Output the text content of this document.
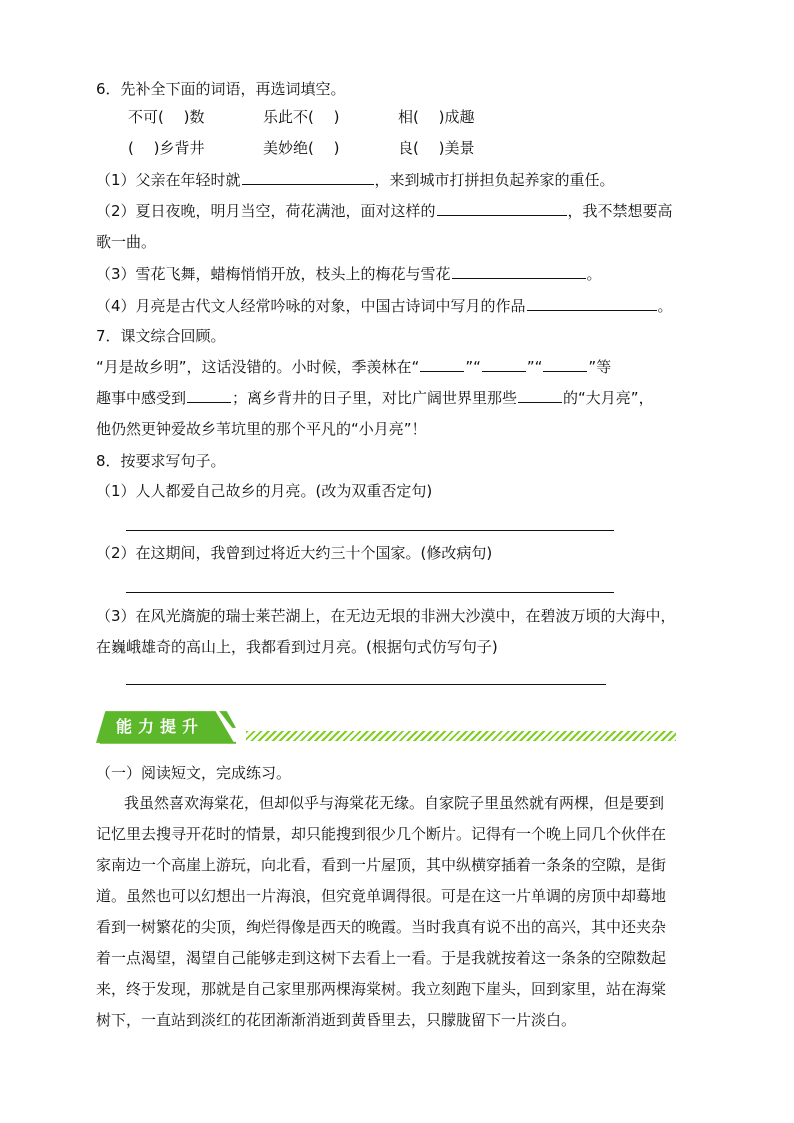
6．先补全下面的词语，再选词填空。
不可(　 )数	乐此不(　 )	相(　 )成趣
(　 )乡背井	美妙绝(　 )	良(　 )美景
（1）父亲在年轻时就	，来到城市打拼担负起养家的重任。
（2）夏日夜晚，明月当空，荷花满池，面对这样的	，我不禁想要高
歌一曲。
（3）雪花飞舞，蜡梅悄悄开放，枝头上的梅花与雪花	。
（4）月亮是古代文人经常吟咏的对象，中国古诗词中写月的作品	。
7．课文综合回顾。
“月是故乡明”，这话没错的。小时候，季羡林在“	”“	”“	”等
趣事中感受到	；离乡背井的日子里，对比广阔世界里那些	的“大月亮”，
他仍然更钟爱故乡苇坑里的那个平凡的“小月亮”！
8．按要求写句子。
（1）人人都爱自己故乡的月亮。(改为双重否定句)
（2）在这期间，我曾到过将近大约三十个国家。(修改病句)
（3）在风光旖旎的瑞士莱芒湖上，在无边无垠的非洲大沙漠中，在碧波万顷的大海中，
在巍峨雄奇的高山上，我都看到过月亮。(根据句式仿写句子)
能力提升
（一）阅读短文，完成练习。
我虽然喜欢海棠花，但却似乎与海棠花无缘。自家院子里虽然就有两棵，但是要到
记忆里去搜寻开花时的情景，却只能搜到很少几个断片。记得有一个晚上同几个伙伴在
家南边一个高崖上游玩，向北看，看到一片屋顶，其中纵横穿插着一条条的空隙，是街
道。虽然也可以幻想出一片海浪，但究竟单调得很。可是在这一片单调的房顶中却蓦地
看到一树繁花的尖顶，绚烂得像是西天的晚霞。当时我真有说不出的高兴，其中还夹杂
着一点渴望，渴望自己能够走到这树下去看上一看。于是我就按着这一条条的空隙数起
来，终于发现，那就是自己家里那两棵海棠树。我立刻跑下崖头，回到家里，站在海棠
树下，一直站到淡红的花团渐渐消逝到黄昏里去，只朦胧留下一片淡白。
